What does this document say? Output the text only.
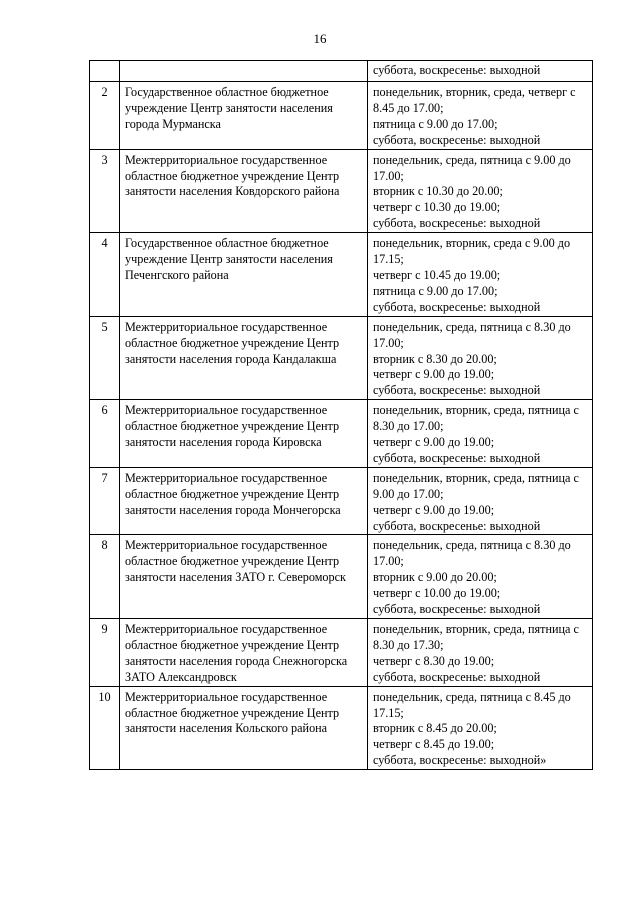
16

		суббота, воскресенье: выходной

2	Государственное областное бюджетное учреждение Центр занятости населения города Мурманска	понедельник, вторник, среда, четверг с 8.45 до 17.00;
пятница с 9.00 до 17.00;
суббота, воскресенье: выходной

3	Межтерриториальное государственное областное бюджетное учреждение Центр занятости населения Ковдорского района	понедельник, среда, пятница с 9.00 до 17.00;
вторник с 10.30 до 20.00;
четверг с 10.30 до 19.00;
суббота, воскресенье: выходной

4	Государственное областное бюджетное учреждение Центр занятости населения Печенгского района	понедельник, вторник, среда с 9.00 до 17.15;
четверг с 10.45 до 19.00;
пятница с 9.00 до 17.00;
суббота, воскресенье: выходной

5	Межтерриториальное государственное областное бюджетное учреждение Центр занятости населения города Кандалакша	понедельник, среда, пятница с 8.30 до 17.00;
вторник с 8.30 до 20.00;
четверг с 9.00 до 19.00;
суббота, воскресенье: выходной

6	Межтерриториальное государственное областное бюджетное учреждение Центр занятости населения города Кировска	понедельник, вторник, среда, пятница с 8.30 до 17.00;
четверг с 9.00 до 19.00;
суббота, воскресенье: выходной

7	Межтерриториальное государственное областное бюджетное учреждение Центр занятости населения города Мончегорска	понедельник, вторник, среда, пятница с 9.00 до 17.00;
четверг с 9.00 до 19.00;
суббота, воскресенье: выходной

8	Межтерриториальное государственное областное бюджетное учреждение Центр занятости населения ЗАТО г. Североморск	понедельник, среда, пятница с 8.30 до 17.00;
вторник с 9.00 до 20.00;
четверг с 10.00 до 19.00;
суббота, воскресенье: выходной

9	Межтерриториальное государственное областное бюджетное учреждение Центр занятости населения города Снежногорска ЗАТО Александровск	понедельник, вторник, среда, пятница с 8.30 до 17.30;
четверг с 8.30 до 19.00;
суббота, воскресенье: выходной

10	Межтерриториальное государственное областное бюджетное учреждение Центр занятости населения Кольского района	понедельник, среда, пятница с 8.45 до 17.15;
вторник с 8.45 до 20.00;
четверг с 8.45 до 19.00;
суббота, воскресенье: выходной»
